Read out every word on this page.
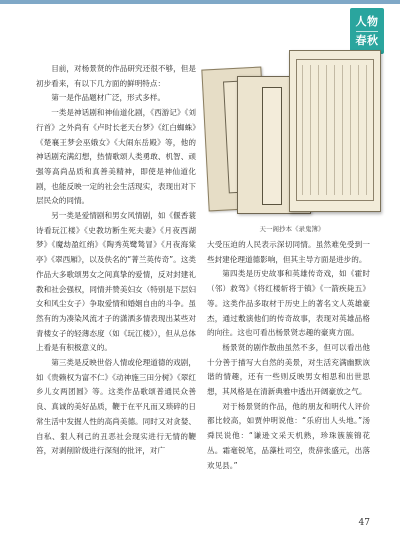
人物
春秋

目前，对杨景贤的作品研究还很不够，但是初步看来，有以下几方面的鲜明特点：

第一是作品题材广泛，形式多样。

一类是神话剧和神仙道化剧，《西游记》《刘行首》之外尚有《卢时长老天台梦》《红白蜘蛛》《楚襄王梦会巫娥女》《大闹东岳殿》等，他的神话剧充满幻想，热情歌颂人类勇敢、机智、顽强等高尚品质和真善美精神，即使是神仙道化剧，也能反映一定的社会生活现实，表现出对下层民众的同情。

另一类是爱情剧和男女风情剧，如《偃香蓑诗看玩江楼》《史教坊断生死夫妻》《月夜西湖梦》《魔劫盈红绡》《陶秀英鹭鸶冒》《月夜海棠亭》《翠西厢》，以及佚名的“菁兰英传奇”。这类作品大多歌颂男女之间真挚的爱情，反对封建礼教和社会强权，同情并赞美妇女（特别是下层妇女和风尘女子）争取爱情和婚姻自由的斗争。虽然有的为凑染风流才子的潇洒多情表现出某些对青楼女子的轻薄态度（如《玩江楼》），但从总体上看是有积极意义的。

第三类是反映世俗人情或伦理道德的戏剧，如《贵赖权为富不仁》《动神施三田分树》《翠红乡儿女两团圆》等。这类作品歌颂普通民众善良、真诚的美好品质，鞭于在平凡而又琐碎的日常生活中发掘人性的高尚美德。同时又对贪婪、自私、狠人利己的丑恶社会现实进行无情的鞭笞，对剥削阶级进行深刻的批评，对广

天一阁抄本《录鬼簿》

大受压迫的人民表示深切同情。虽然难免受到一些封建伦理道德影响，但其主导方面是进步的。

第四类是历史故事和英雄传奇戏，如《霍时（邻）救驾》《将红楼斩将于镇》《一箭疾毙五》等。这类作品多取材于历史上的著名文人英雄豪杰，通过敷演他们的传奇故事，表现对英雄品格的向往。这也可看出杨景贤志趣的豪爽方面。

杨景贤的剧作散曲虽然不多，但可以看出他十分善于描写大自然的美景，对生活充满幽默诙谐的情趣，还有一些则反映男女相思和出世思想，其风格是在清新典雅中透出开阔豪放之气。

对于杨景贤的作品，他的朋友和明代人评价都比较高，如贾仲明说他：“乐府出人头地。”汤舜民说他：“谦逊文采天机熟，珍珠簇簇锦花丛。霜毫锐笔，品藻杜司空，贵辞张盛元，出落欢见县。”

47
